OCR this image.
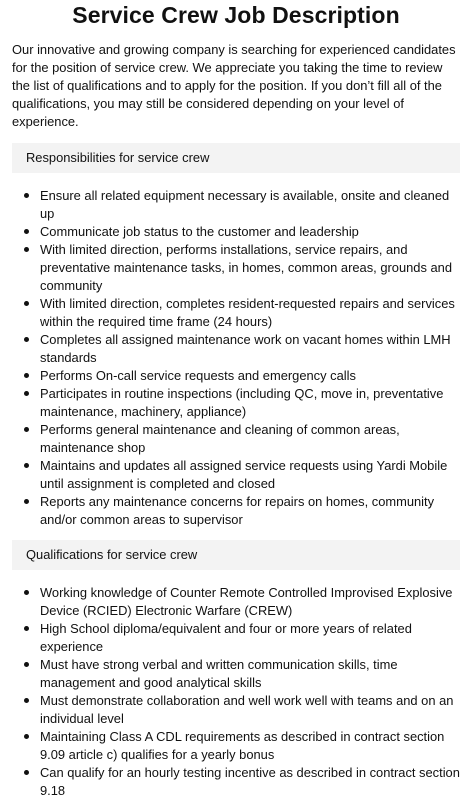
Service Crew Job Description

Our innovative and growing company is searching for experienced candidates for the position of service crew. We appreciate you taking the time to review the list of qualifications and to apply for the position. If you don’t fill all of the qualifications, you may still be considered depending on your level of experience.

Responsibilities for service crew
Ensure all related equipment necessary is available, onsite and cleaned up
Communicate job status to the customer and leadership
With limited direction, performs installations, service repairs, and preventative maintenance tasks, in homes, common areas, grounds and community
With limited direction, completes resident-requested repairs and services within the required time frame (24 hours)
Completes all assigned maintenance work on vacant homes within LMH standards
Performs On-call service requests and emergency calls
Participates in routine inspections (including QC, move in, preventative maintenance, machinery, appliance)
Performs general maintenance and cleaning of common areas, maintenance shop
Maintains and updates all assigned service requests using Yardi Mobile until assignment is completed and closed
Reports any maintenance concerns for repairs on homes, community and/or common areas to supervisor
Qualifications for service crew
Working knowledge of Counter Remote Controlled Improvised Explosive Device (RCIED) Electronic Warfare (CREW)
High School diploma/equivalent and four or more years of related experience
Must have strong verbal and written communication skills, time management and good analytical skills
Must demonstrate collaboration and well work well with teams and on an individual level
Maintaining Class A CDL requirements as described in contract section 9.09 article c) qualifies for a yearly bonus
Can qualify for an hourly testing incentive as described in contract section 9.18
